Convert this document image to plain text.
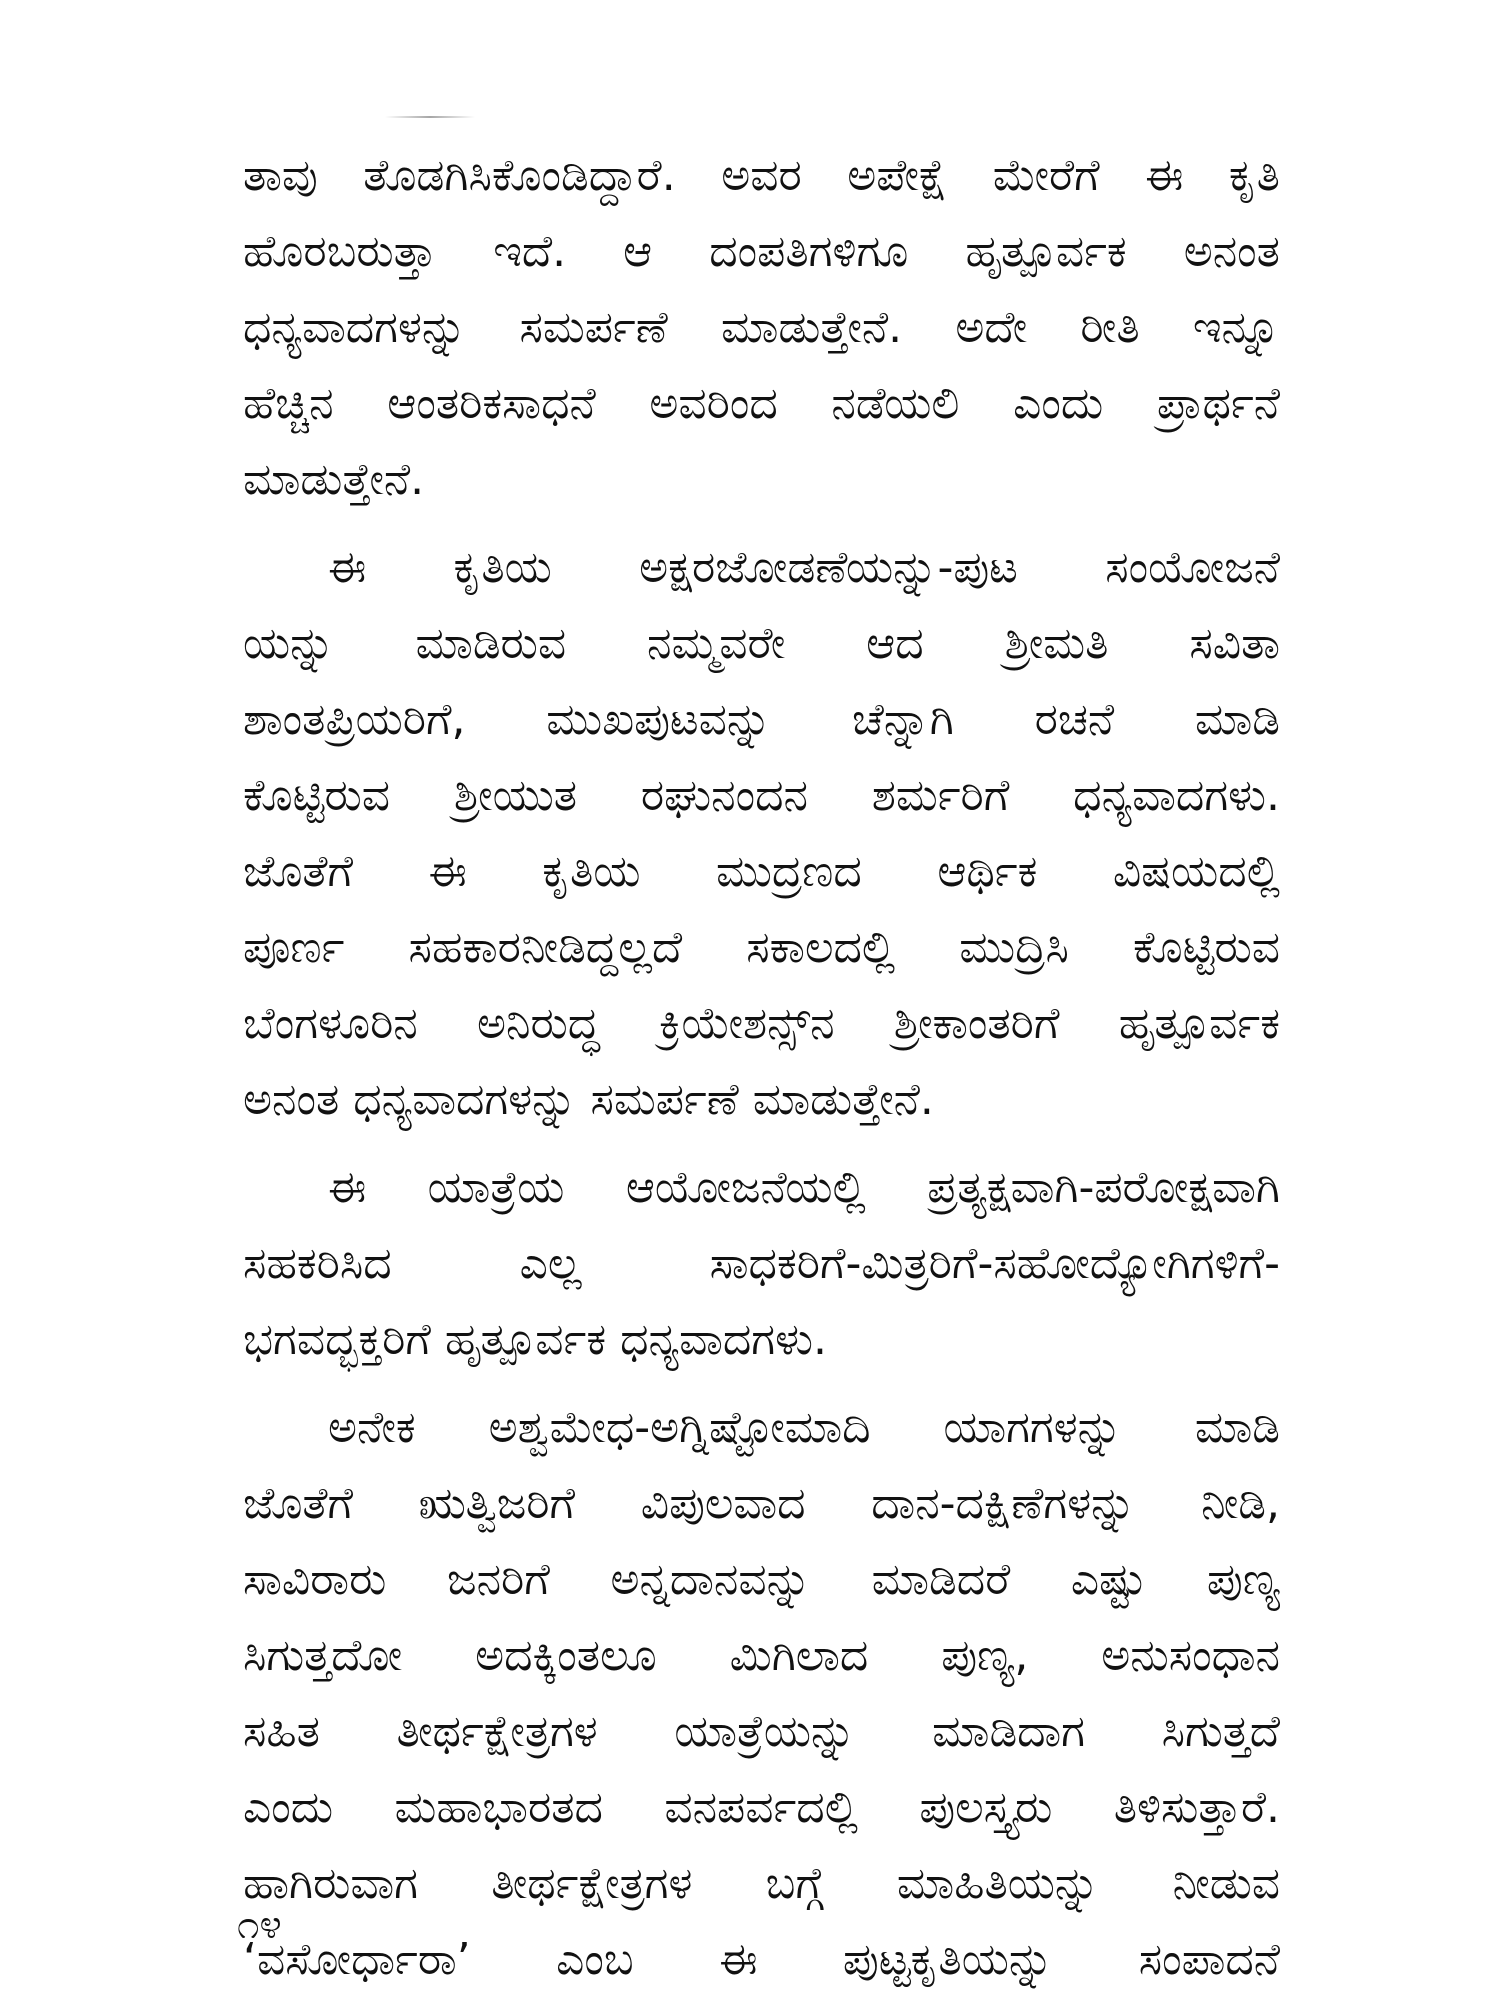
ತಾವು ತೊಡಗಿಸಿಕೊಂಡಿದ್ದಾರೆ. ಅವರ ಅಪೇಕ್ಷೆ ಮೇರೆಗೆ ಈ ಕೃತಿ
ಹೊರಬರುತ್ತಾ ಇದೆ. ಆ ದಂಪತಿಗಳಿಗೂ ಹೃತ್ಪೂರ್ವಕ ಅನಂತ
ಧನ್ಯವಾದಗಳನ್ನು ಸಮರ್ಪಣೆ ಮಾಡುತ್ತೇನೆ. ಅದೇ ರೀತಿ ಇನ್ನೂ
ಹೆಚ್ಚಿನ ಆಂತರಿಕಸಾಧನೆ ಅವರಿಂದ ನಡೆಯಲಿ ಎಂದು ಪ್ರಾರ್ಥನೆ
ಮಾಡುತ್ತೇನೆ.
ಈ ಕೃತಿಯ ಅಕ್ಷರಜೋಡಣೆಯನ್ನು-ಪುಟ ಸಂಯೋಜನೆ
ಯನ್ನು ಮಾಡಿರುವ ನಮ್ಮವರೇ ಆದ ಶ್ರೀಮತಿ ಸವಿತಾ
ಶಾಂತಪ್ರಿಯರಿಗೆ, ಮುಖಪುಟವನ್ನು ಚೆನ್ನಾಗಿ ರಚನೆ ಮಾಡಿ
ಕೊಟ್ಟಿರುವ ಶ್ರೀಯುತ ರಘುನಂದನ ಶರ್ಮರಿಗೆ ಧನ್ಯವಾದಗಳು.
ಜೊತೆಗೆ ಈ ಕೃತಿಯ ಮುದ್ರಣದ ಆರ್ಥಿಕ ವಿಷಯದಲ್ಲಿ
ಪೂರ್ಣ ಸಹಕಾರನೀಡಿದ್ದಲ್ಲದೆ ಸಕಾಲದಲ್ಲಿ ಮುದ್ರಿಸಿ ಕೊಟ್ಟಿರುವ
ಬೆಂಗಳೂರಿನ ಅನಿರುದ್ಧ ಕ್ರಿಯೇಶನ್ಸ್‌ನ ಶ್ರೀಕಾಂತರಿಗೆ ಹೃತ್ಪೂರ್ವಕ
ಅನಂತ ಧನ್ಯವಾದಗಳನ್ನು ಸಮರ್ಪಣೆ ಮಾಡುತ್ತೇನೆ.
ಈ ಯಾತ್ರೆಯ ಆಯೋಜನೆಯಲ್ಲಿ ಪ್ರತ್ಯಕ್ಷವಾಗಿ-ಪರೋಕ್ಷವಾಗಿ
ಸಹಕರಿಸಿದ ಎಲ್ಲ ಸಾಧಕರಿಗೆ-ಮಿತ್ರರಿಗೆ-ಸಹೋದ್ಯೋಗಿಗಳಿಗೆ-
ಭಗವದ್ಭಕ್ತರಿಗೆ ಹೃತ್ಪೂರ್ವಕ ಧನ್ಯವಾದಗಳು.
ಅನೇಕ ಅಶ್ವಮೇಧ-ಅಗ್ನಿಷ್ಟೋಮಾದಿ ಯಾಗಗಳನ್ನು ಮಾಡಿ
ಜೊತೆಗೆ ಋತ್ವಿಜರಿಗೆ ವಿಪುಲವಾದ ದಾನ-ದಕ್ಷಿಣೆಗಳನ್ನು ನೀಡಿ,
ಸಾವಿರಾರು ಜನರಿಗೆ ಅನ್ನದಾನವನ್ನು ಮಾಡಿದರೆ ಎಷ್ಟು ಪುಣ್ಯ
ಸಿಗುತ್ತದೋ ಅದಕ್ಕಿಂತಲೂ ಮಿಗಿಲಾದ ಪುಣ್ಯ, ಅನುಸಂಧಾನ
ಸಹಿತ ತೀರ್ಥಕ್ಷೇತ್ರಗಳ ಯಾತ್ರೆಯನ್ನು ಮಾಡಿದಾಗ ಸಿಗುತ್ತದೆ
ಎಂದು ಮಹಾಭಾರತದ ವನಪರ್ವದಲ್ಲಿ ಪುಲಸ್ತ್ಯರು ತಿಳಿಸುತ್ತಾರೆ.
ಹಾಗಿರುವಾಗ ತೀರ್ಥಕ್ಷೇತ್ರಗಳ ಬಗ್ಗೆ ಮಾಹಿತಿಯನ್ನು ನೀಡುವ
‘ವಸೋರ್ಧಾರಾ’ ಎಂಬ ಈ ಪುಟ್ಟಕೃತಿಯನ್ನು ಸಂಪಾದನೆ
೧೪
